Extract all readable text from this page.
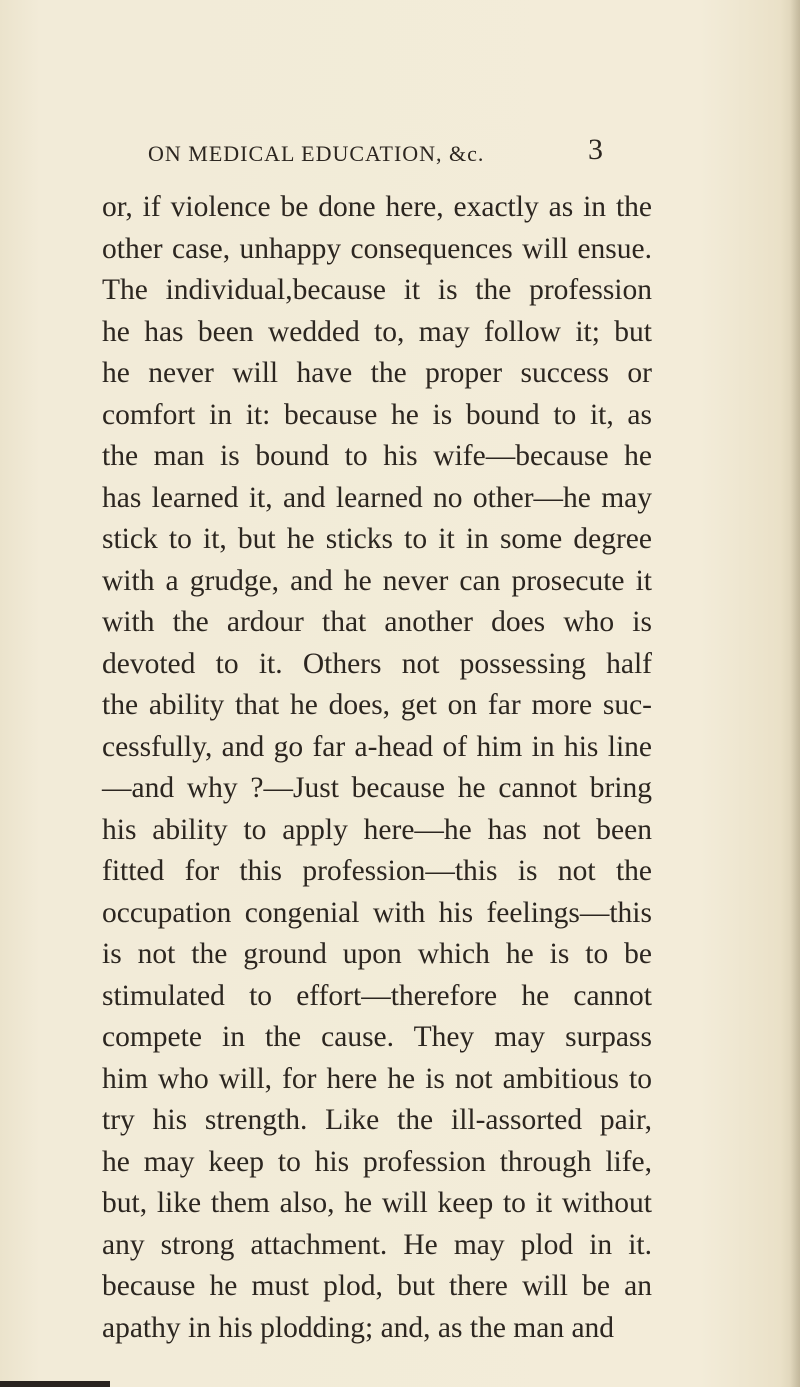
ON MEDICAL EDUCATION, &c.	3
or, if violence be done here, exactly as in the
other case, unhappy consequences will ensue.
The individual,because it is the profession
he has been wedded to, may follow it; but
he never will have the proper success or
comfort in it: because he is bound to it, as
the man is bound to his wife—because he
has learned it, and learned no other—he may
stick to it, but he sticks to it in some degree
with a grudge, and he never can prosecute it
with the ardour that another does who is
devoted to it. Others not possessing half
the ability that he does, get on far more suc-
cessfully, and go far a-head of him in his line
—and why ?—Just because he cannot bring
his ability to apply here—he has not been
fitted for this profession—this is not the
occupation congenial with his feelings—this
is not the ground upon which he is to be
stimulated to effort—therefore he cannot
compete in the cause. They may surpass
him who will, for here he is not ambitious to
try his strength. Like the ill-assorted pair,
he may keep to his profession through life,
but, like them also, he will keep to it without
any strong attachment. He may plod in it.
because he must plod, but there will be an
apathy in his plodding; and, as the man and
